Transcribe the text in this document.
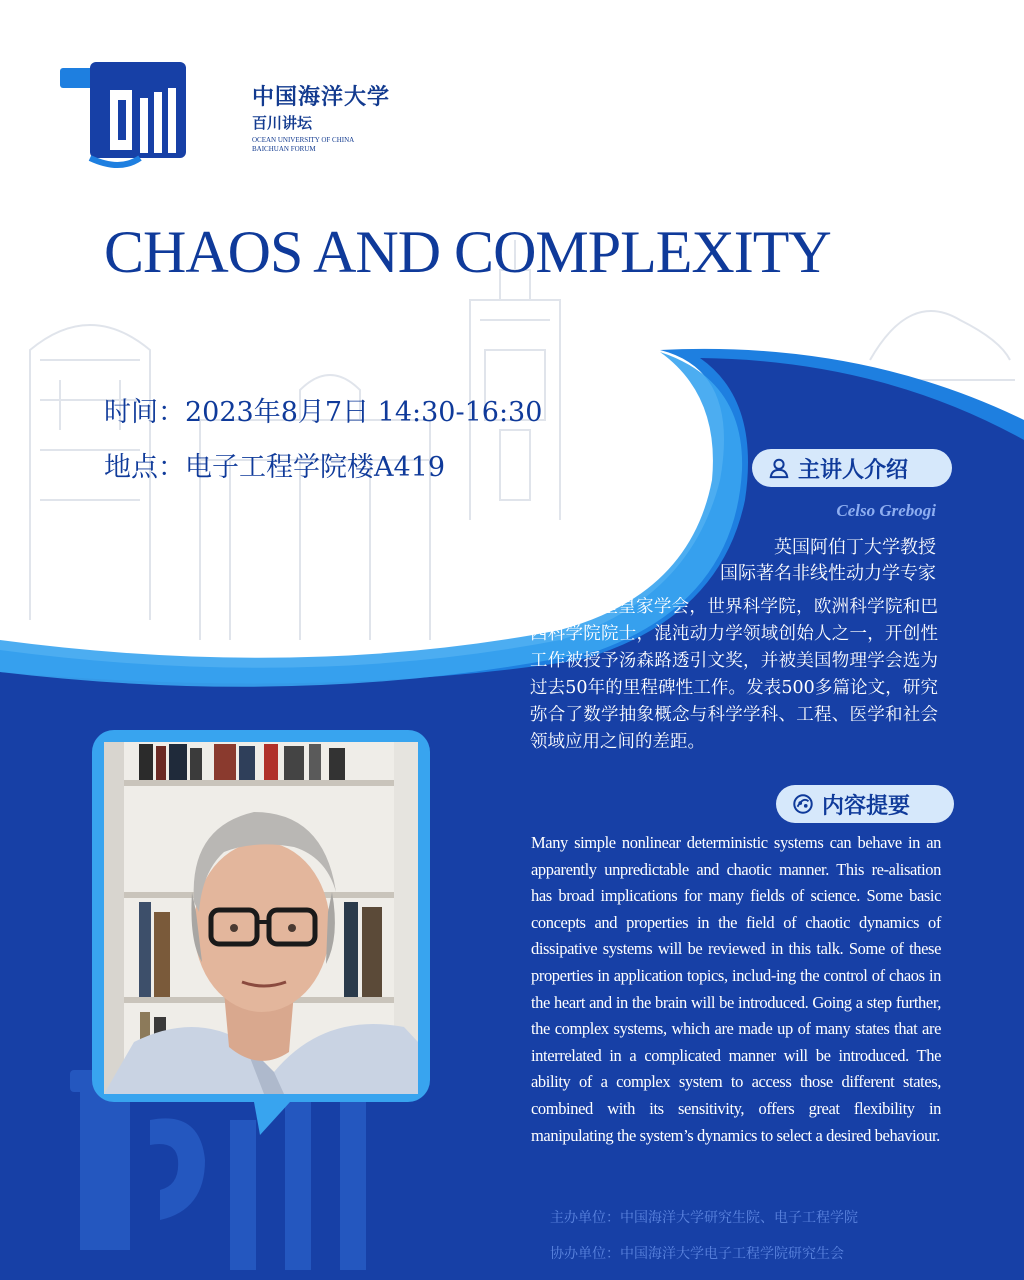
中国海洋大学
百川讲坛
OCEAN UNIVERSITY OF CHINA
BAICHUAN FORUM
CHAOS AND COMPLEXITY
时间：2023年8月7日 14:30-16:30
地点：电子工程学院楼A419	主讲人介绍
Celso Grebogi
英国阿伯丁大学教授
国际著名非线性动力学专家
爱丁堡皇家学会，世界科学院，欧洲科学院和巴西科学院院士，混沌动力学领域创始人之一，开创性工作被授予汤森路透引文奖，并被美国物理学会选为过去50年的里程碑性工作。发表500多篇论文，研究弥合了数学抽象概念与科学学科、工程、医学和社会领域应用之间的差距。
内容提要
Many simple nonlinear deterministic systems can behave in an apparently unpredictable and chaotic manner. This re-alisation has broad implications for many fields of science. Some basic concepts and properties in the field of chaotic dynamics of dissipative systems will be reviewed in this talk. Some of these properties in application topics, includ-ing the control of chaos in the heart and in the brain will be introduced. Going a step further, the complex systems, which are made up of many states that are interrelated in a complicated manner will be introduced. The ability of a complex system to access those different states, combined with its sensitivity, offers great flexibility in manipulating the system’s dynamics to select a desired behaviour.
主办单位：中国海洋大学研究生院、电子工程学院
协办单位：中国海洋大学电子工程学院研究生会
